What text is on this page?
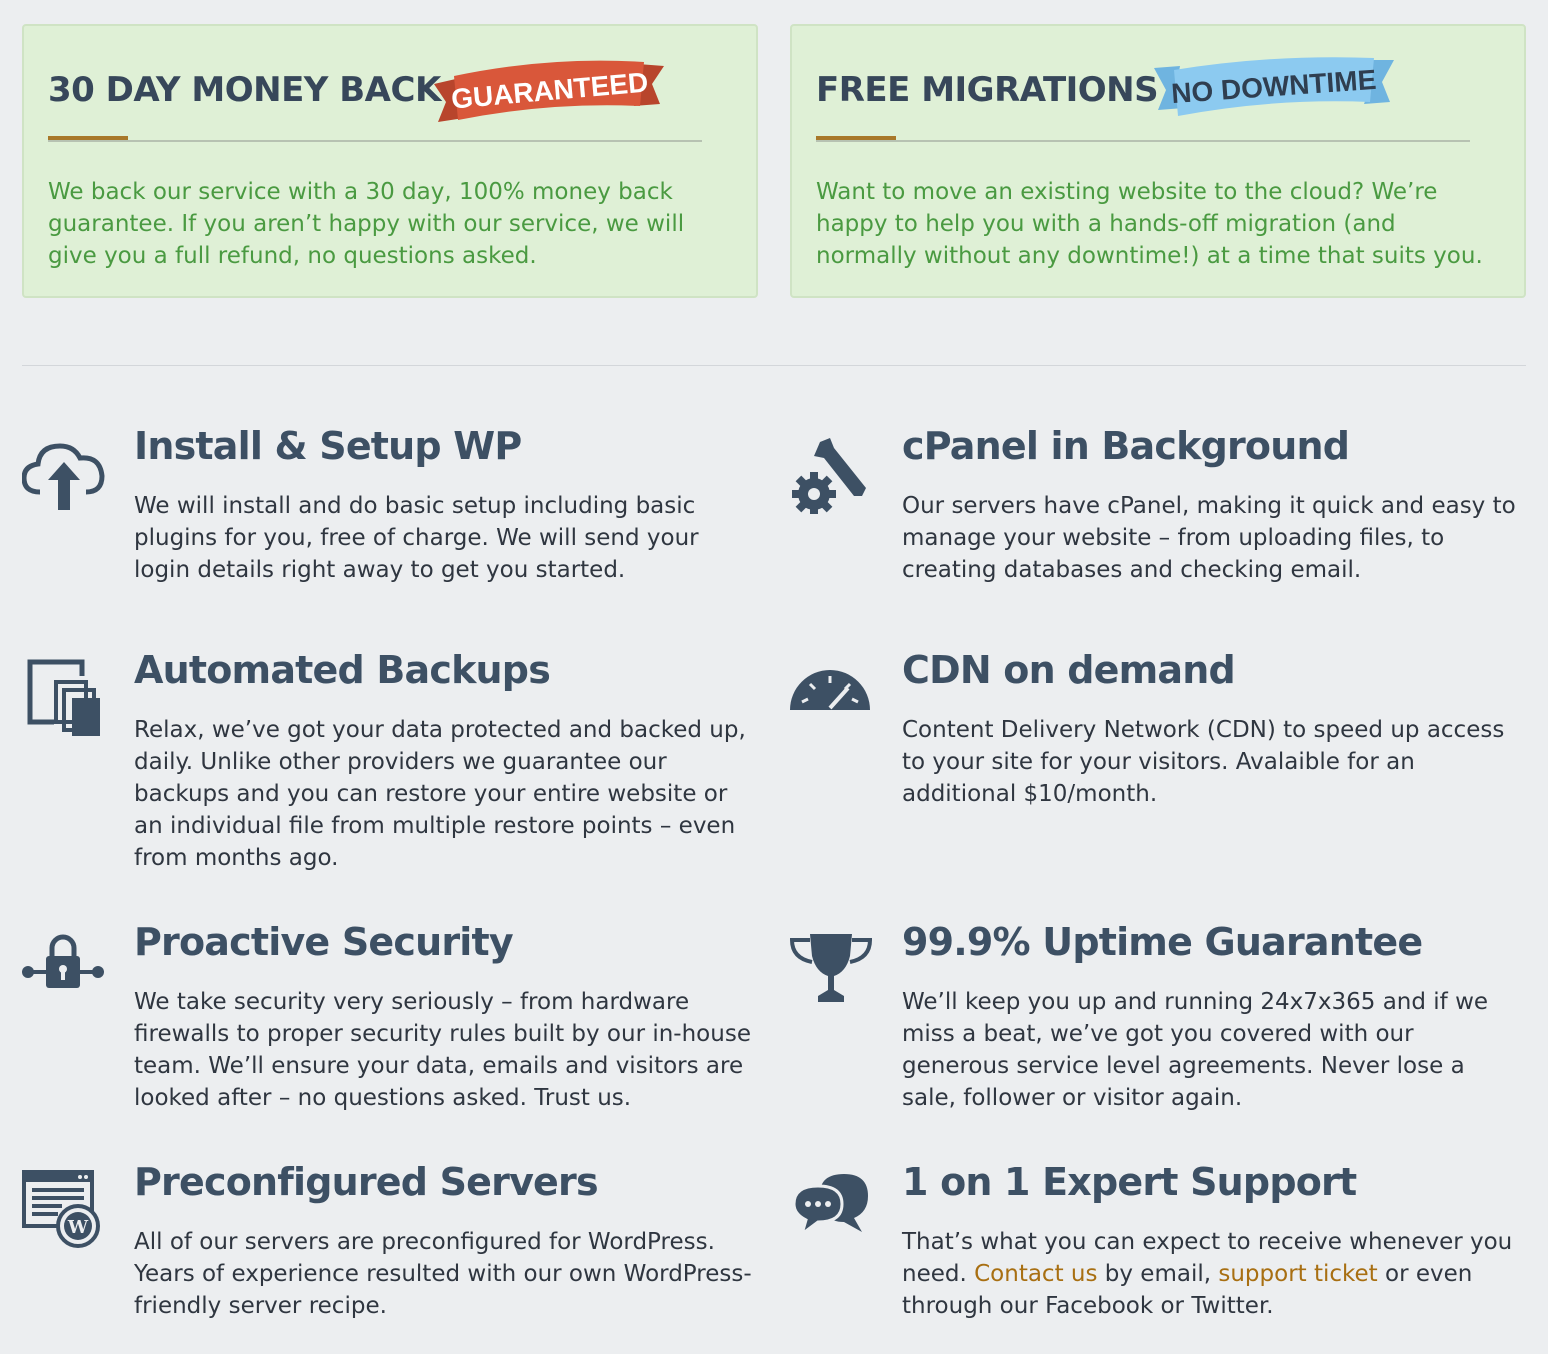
30 DAY MONEY BACK GUARANTEED

We back our service with a 30 day, 100% money back guarantee. If you aren’t happy with our service, we will give you a full refund, no questions asked.

FREE MIGRATIONS NO DOWNTIME

Want to move an existing website to the cloud? We’re happy to help you with a hands-off migration (and normally without any downtime!) at a time that suits you.

Install & Setup WP

We will install and do basic setup including basic plugins for you, free of charge. We will send your login details right away to get you started.

cPanel in Background

Our servers have cPanel, making it quick and easy to manage your website – from uploading files, to creating databases and checking email.

Automated Backups

Relax, we’ve got your data protected and backed up, daily. Unlike other providers we guarantee our backups and you can restore your entire website or an individual file from multiple restore points – even from months ago.

CDN on demand

Content Delivery Network (CDN) to speed up access to your site for your visitors. Avalaible for an additional $10/month.

Proactive Security

We take security very seriously – from hardware firewalls to proper security rules built by our in-house team. We’ll ensure your data, emails and visitors are looked after – no questions asked. Trust us.

99.9% Uptime Guarantee

We’ll keep you up and running 24x7x365 and if we miss a beat, we’ve got you covered with our generous service level agreements. Never lose a sale, follower or visitor again.

W
Preconfigured Servers

All of our servers are preconfigured for WordPress. Years of experience resulted with our own WordPress-friendly server recipe.

1 on 1 Expert Support

That’s what you can expect to receive whenever you need. Contact us by email, support ticket or even through our Facebook or Twitter.
